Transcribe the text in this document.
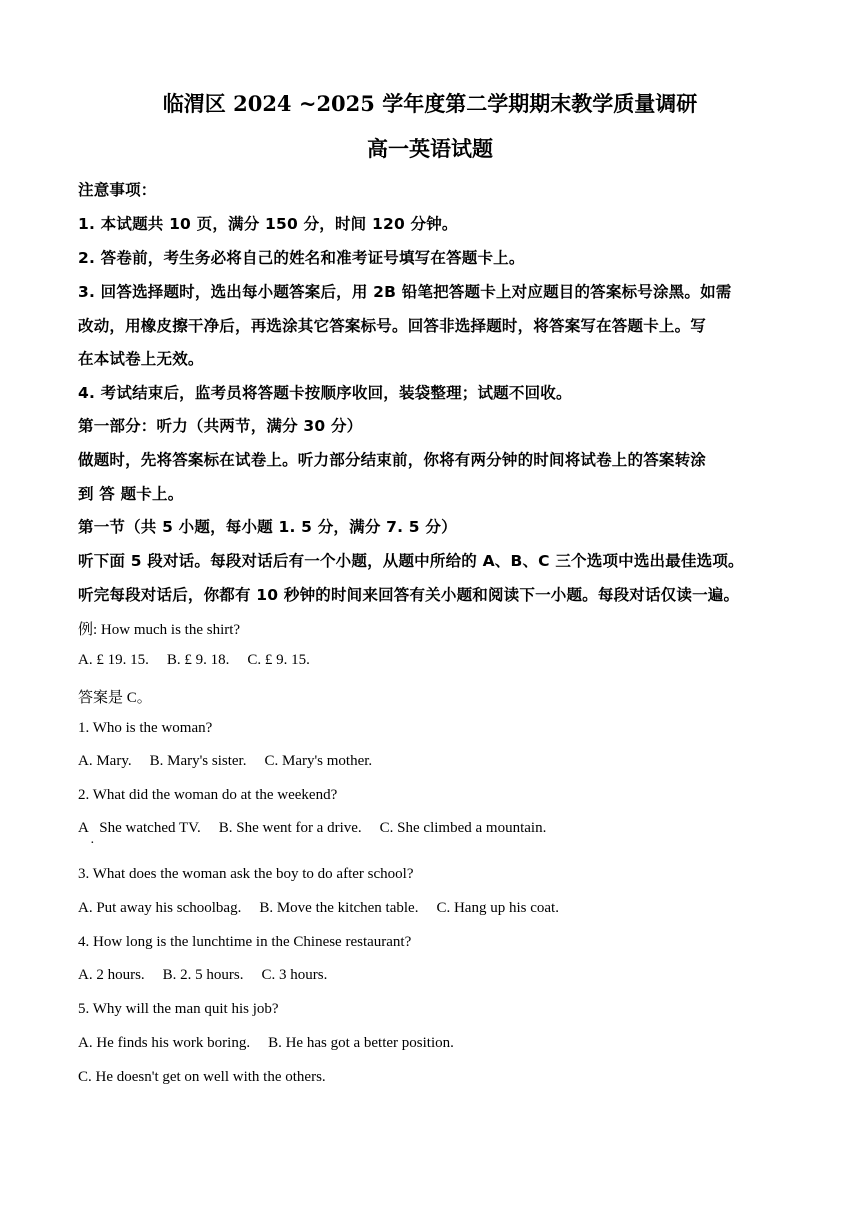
临渭区 2024 ~2025 学年度第二学期期末教学质量调研
高一英语试题
注意事项：
1. 本试题共 10 页，满分 150 分，时间 120 分钟。
2. 答卷前，考生务必将自己的姓名和准考证号填写在答题卡上。
3. 回答选择题时，选出每小题答案后，用 2B 铅笔把答题卡上对应题目的答案标号涂黑。如需
改动，用橡皮擦干净后，再选涂其它答案标号。回答非选择题时，将答案写在答题卡上。写
在本试卷上无效。
4. 考试结束后，监考员将答题卡按顺序收回，装袋整理；试题不回收。
第一部分：听力（共两节，满分 30 分）
做题时，先将答案标在试卷上。听力部分结束前，你将有两分钟的时间将试卷上的答案转涂
到 答 题卡上。
第一节（共 5 小题，每小题 1. 5 分，满分 7. 5 分）
听下面 5 段对话。每段对话后有一个小题，从题中所给的 A、B、C 三个选项中选出最佳选项。
听完每段对话后，你都有 10 秒钟的时间来回答有关小题和阅读下一小题。每段对话仅读一遍。
例: How much is the shirt?
A. £ 19. 15. B. £ 9. 18. C. £ 9. 15.
答案是 C。
1. Who is the woman?
A. Mary. B. Mary's sister. C. Mary's mother.
2. What did the woman do at the weekend?
A   She watched TV. B. She went for a drive. C. She climbed a mountain.
·
3. What does the woman ask the boy to do after school?
A. Put away his schoolbag. B. Move the kitchen table. C. Hang up his coat.
4. How long is the lunchtime in the Chinese restaurant?
A. 2 hours. B. 2. 5 hours. C. 3 hours.
5. Why will the man quit his job?
A. He finds his work boring. B. He has got a better position.
C. He doesn't get on well with the others.
